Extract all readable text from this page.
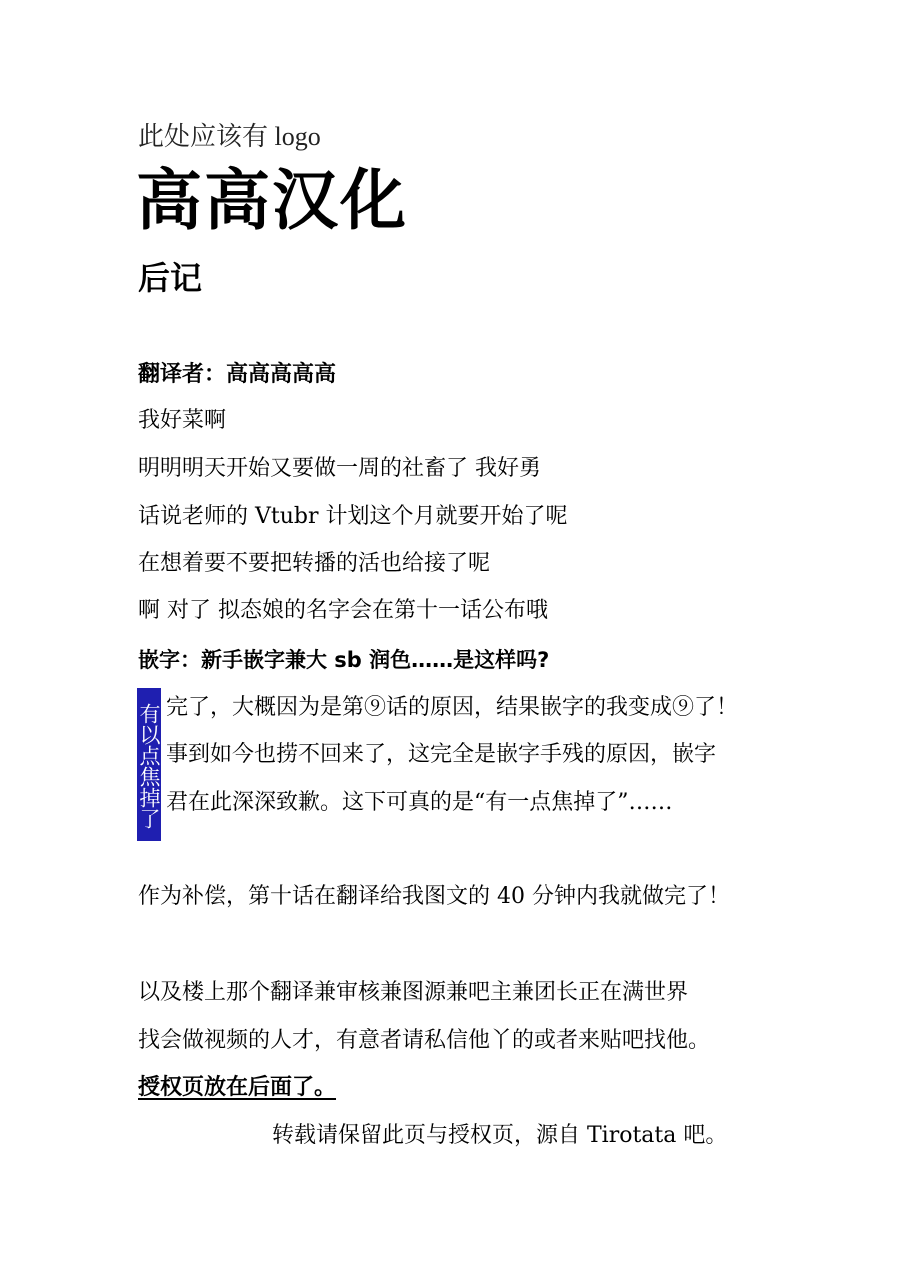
此处应该有 logo
高高汉化
后记
翻译者：高高高高高
我好菜啊
明明明天开始又要做一周的社畜了 我好勇
话说老师的 Vtubr 计划这个月就要开始了呢
在想着要不要把转播的活也给接了呢
啊 对了 拟态娘的名字会在第十一话公布哦
嵌字：新手嵌字兼大 sb 润色……是这样吗?
有以点焦掉了 完了，大概因为是第⑨话的原因，结果嵌字的我变成⑨了！
事到如今也捞不回来了，这完全是嵌字手残的原因，嵌字
君在此深深致歉。这下可真的是“有一点焦掉了”……
作为补偿，第十话在翻译给我图文的 40 分钟内我就做完了！
以及楼上那个翻译兼审核兼图源兼吧主兼团长正在满世界
找会做视频的人才，有意者请私信他丫的或者来贴吧找他。
授权页放在后面了。
转载请保留此页与授权页，源自 Tirotata 吧。
